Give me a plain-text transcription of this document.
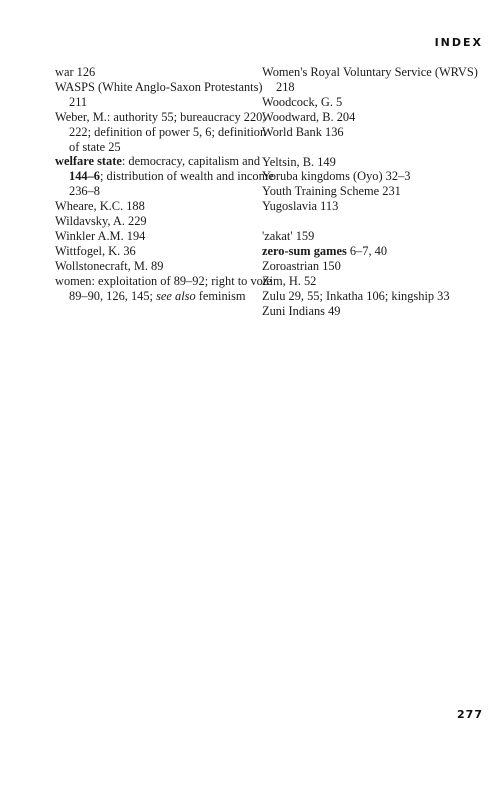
INDEX

war 126

WASPS (White Anglo-Saxon Protestants) 211

Weber, M.: authority 55; bureaucracy 220, 222; definition of power 5, 6; definition of state 25

welfare state: democracy, capitalism and 144–6; distribution of wealth and income 236–8

Wheare, K.C. 188

Wildavsky, A. 229

Winkler A.M. 194

Wittfogel, K. 36

Wollstonecraft, M. 89

women: exploitation of 89–92; right to vote 89–90, 126, 145; see also feminism

Women's Royal Voluntary Service (WRVS) 218

Woodcock, G. 5

Woodward, B. 204

World Bank 136

Yeltsin, B. 149

Yoruba kingdoms (Oyo) 32–3

Youth Training Scheme 231

Yugoslavia 113

'zakat' 159

zero-sum games 6–7, 40

Zoroastrian 150

Zim, H. 52

Zulu 29, 55; Inkatha 106; kingship 33

Zuni Indians 49

277
